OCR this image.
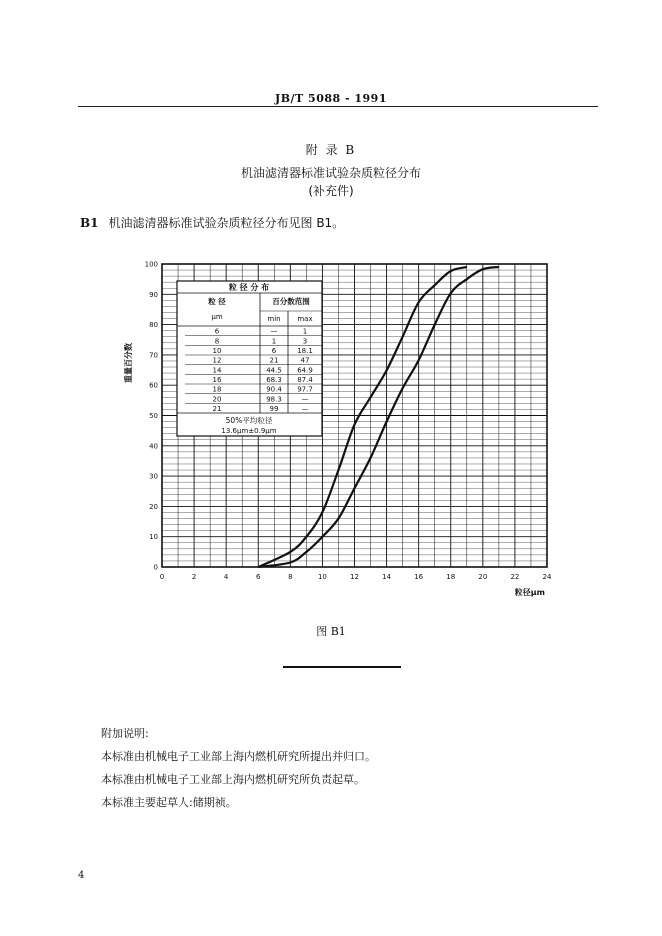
JB/T 5088 - 1991
附 录 B
机油滤清器标准试验杂质粒径分布
(补充件)
B1 机油滤清器标准试验杂质粒径分布见图 B1。
0	2	4	6	8	10	12	14	16	18	20	22	24
0
10
20
30
40
50
60
70
80
90
100
重量百分数
粒径μm
粒 径 分 布
粒 径
μm
百分数范围
min max
6	—	1
8	1	3
10	6	18.1
12	21	47
14	44.5 64.9
16	68.3 87.4
18	90.4 97.7
20	98.3	—
21	99	—
50%平均粒径
13.6μm±0.9μm
图 B1
附加说明:
本标准由机械电子工业部上海内燃机研究所提出并归口。
本标准由机械电子工业部上海内燃机研究所负责起草。
本标准主要起草人:储期祯。
4
